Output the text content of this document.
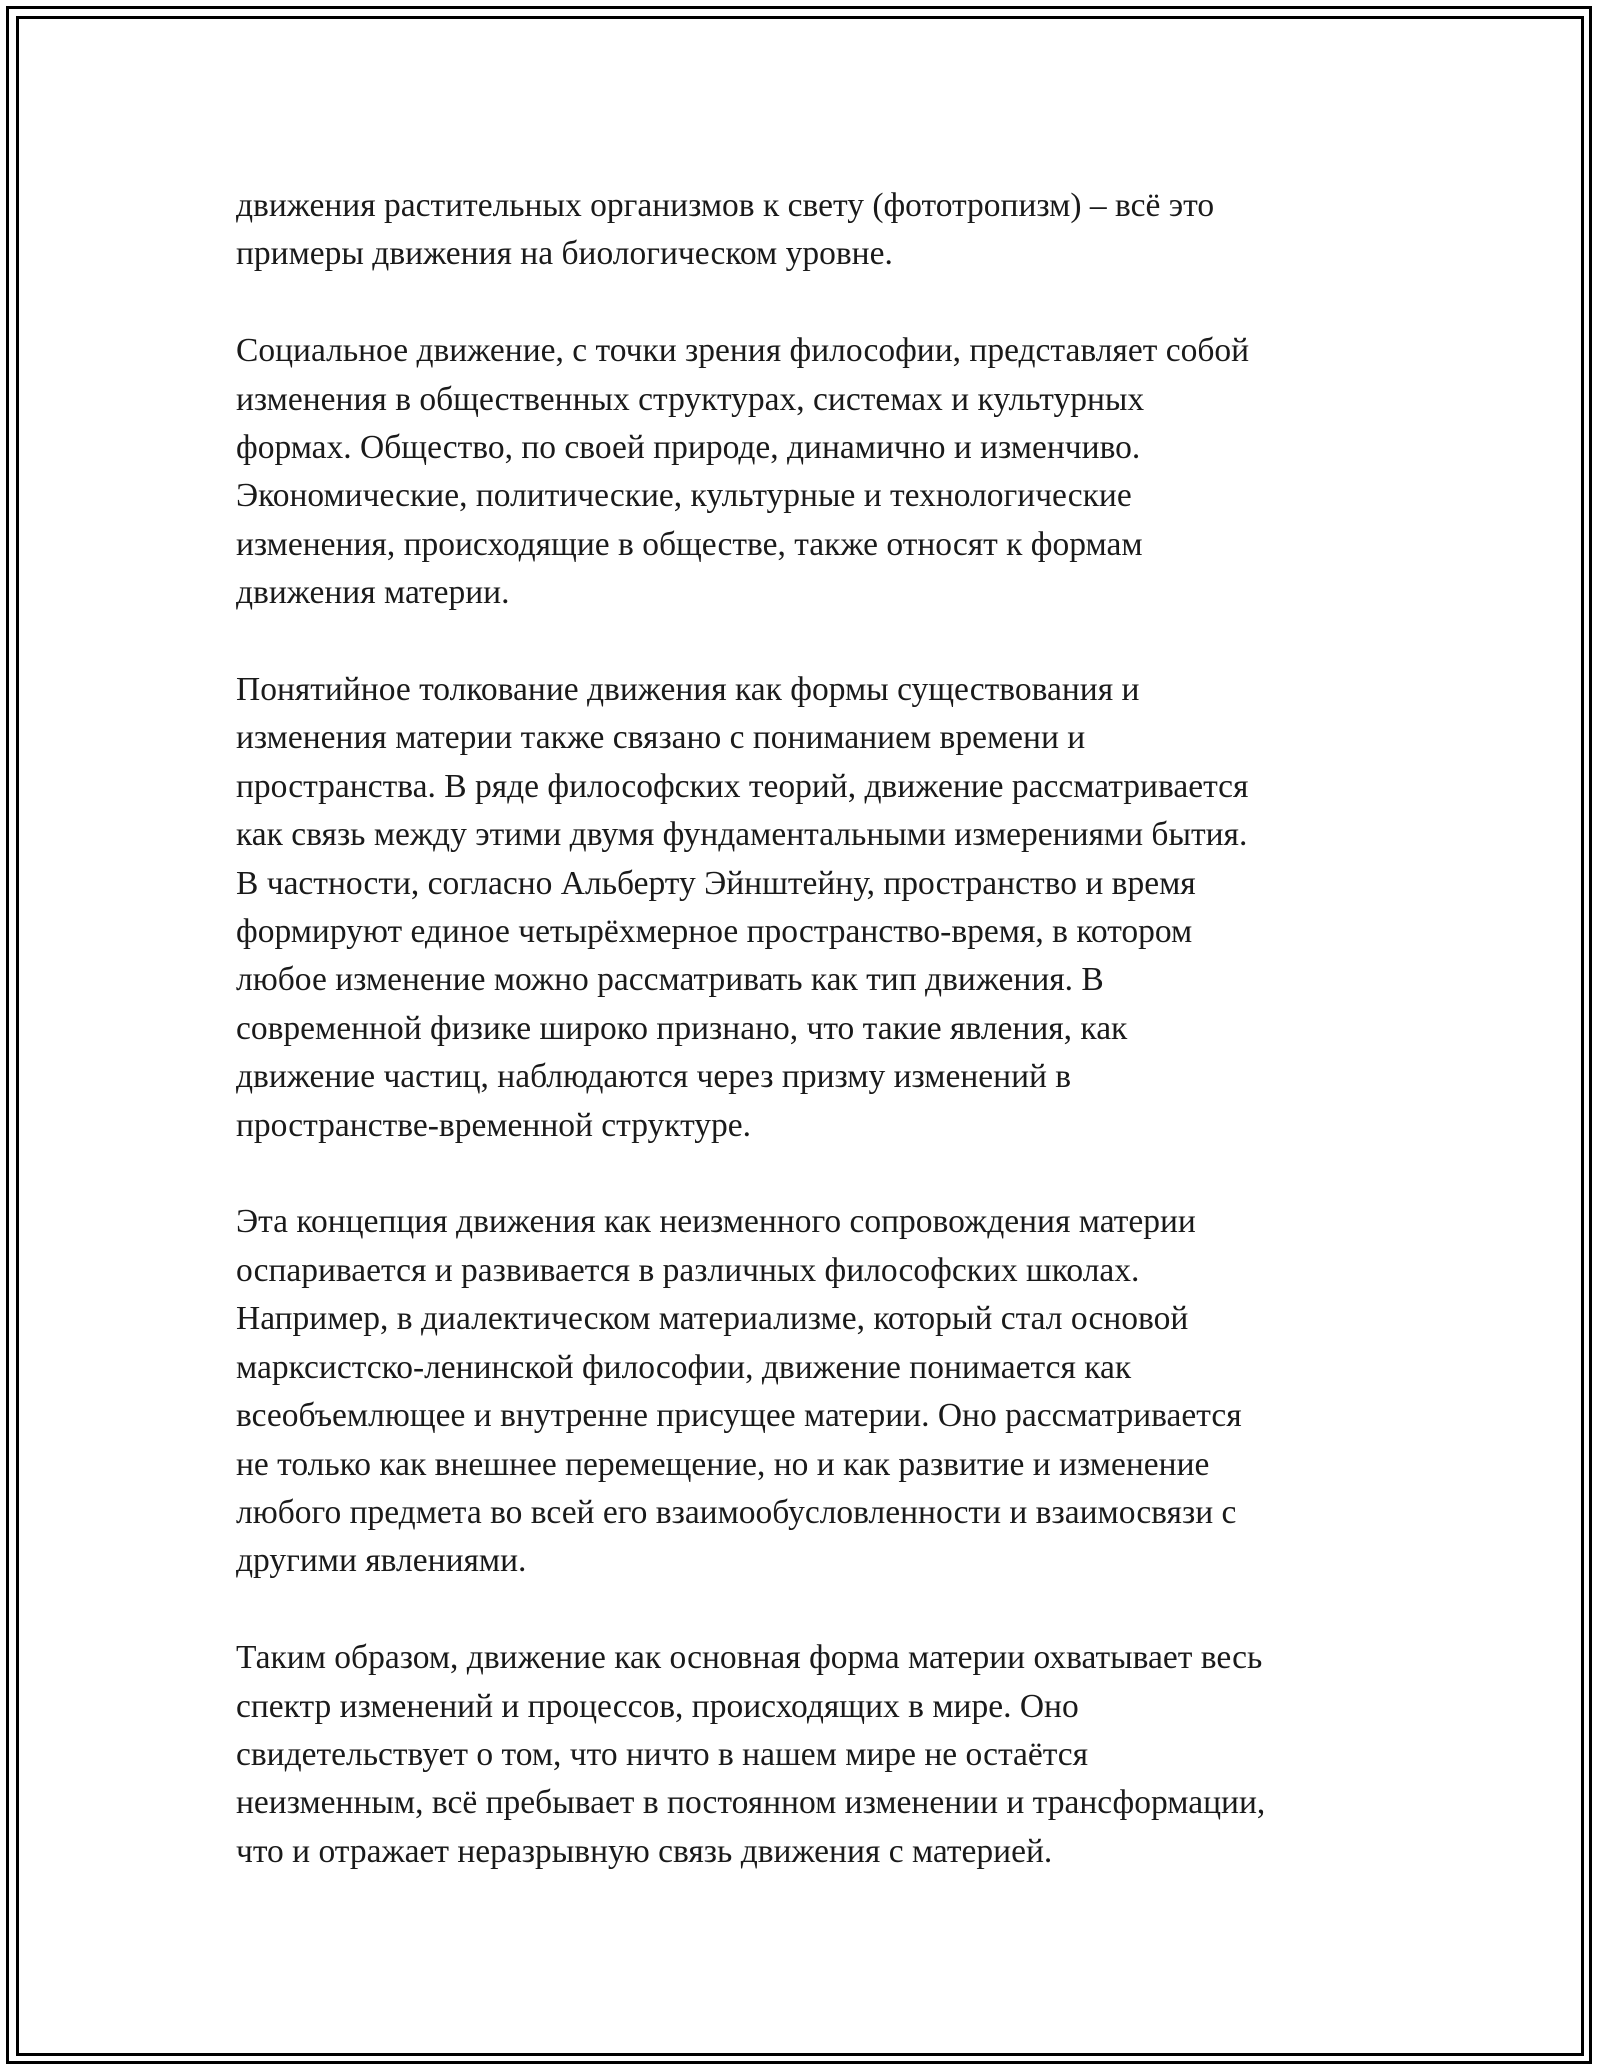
движения растительных организмов к свету (фототропизм) – всё это
примеры движения на биологическом уровне.

Социальное движение, с точки зрения философии, представляет собой
изменения в общественных структурах, системах и культурных
формах. Общество, по своей природе, динамично и изменчиво.
Экономические, политические, культурные и технологические
изменения, происходящие в обществе, также относят к формам
движения материи.

Понятийное толкование движения как формы существования и
изменения материи также связано с пониманием времени и
пространства. В ряде философских теорий, движение рассматривается
как связь между этими двумя фундаментальными измерениями бытия.
В частности, согласно Альберту Эйнштейну, пространство и время
формируют единое четырёхмерное пространство-время, в котором
любое изменение можно рассматривать как тип движения. В
современной физике широко признано, что такие явления, как
движение частиц, наблюдаются через призму изменений в
пространстве-временной структуре.

Эта концепция движения как неизменного сопровождения материи
оспаривается и развивается в различных философских школах.
Например, в диалектическом материализме, который стал основой
марксистско-ленинской философии, движение понимается как
всеобъемлющее и внутренне присущее материи. Оно рассматривается
не только как внешнее перемещение, но и как развитие и изменение
любого предмета во всей его взаимообусловленности и взаимосвязи с
другими явлениями.

Таким образом, движение как основная форма материи охватывает весь
спектр изменений и процессов, происходящих в мире. Оно
свидетельствует о том, что ничто в нашем мире не остаётся
неизменным, всё пребывает в постоянном изменении и трансформации,
что и отражает неразрывную связь движения с материей.
